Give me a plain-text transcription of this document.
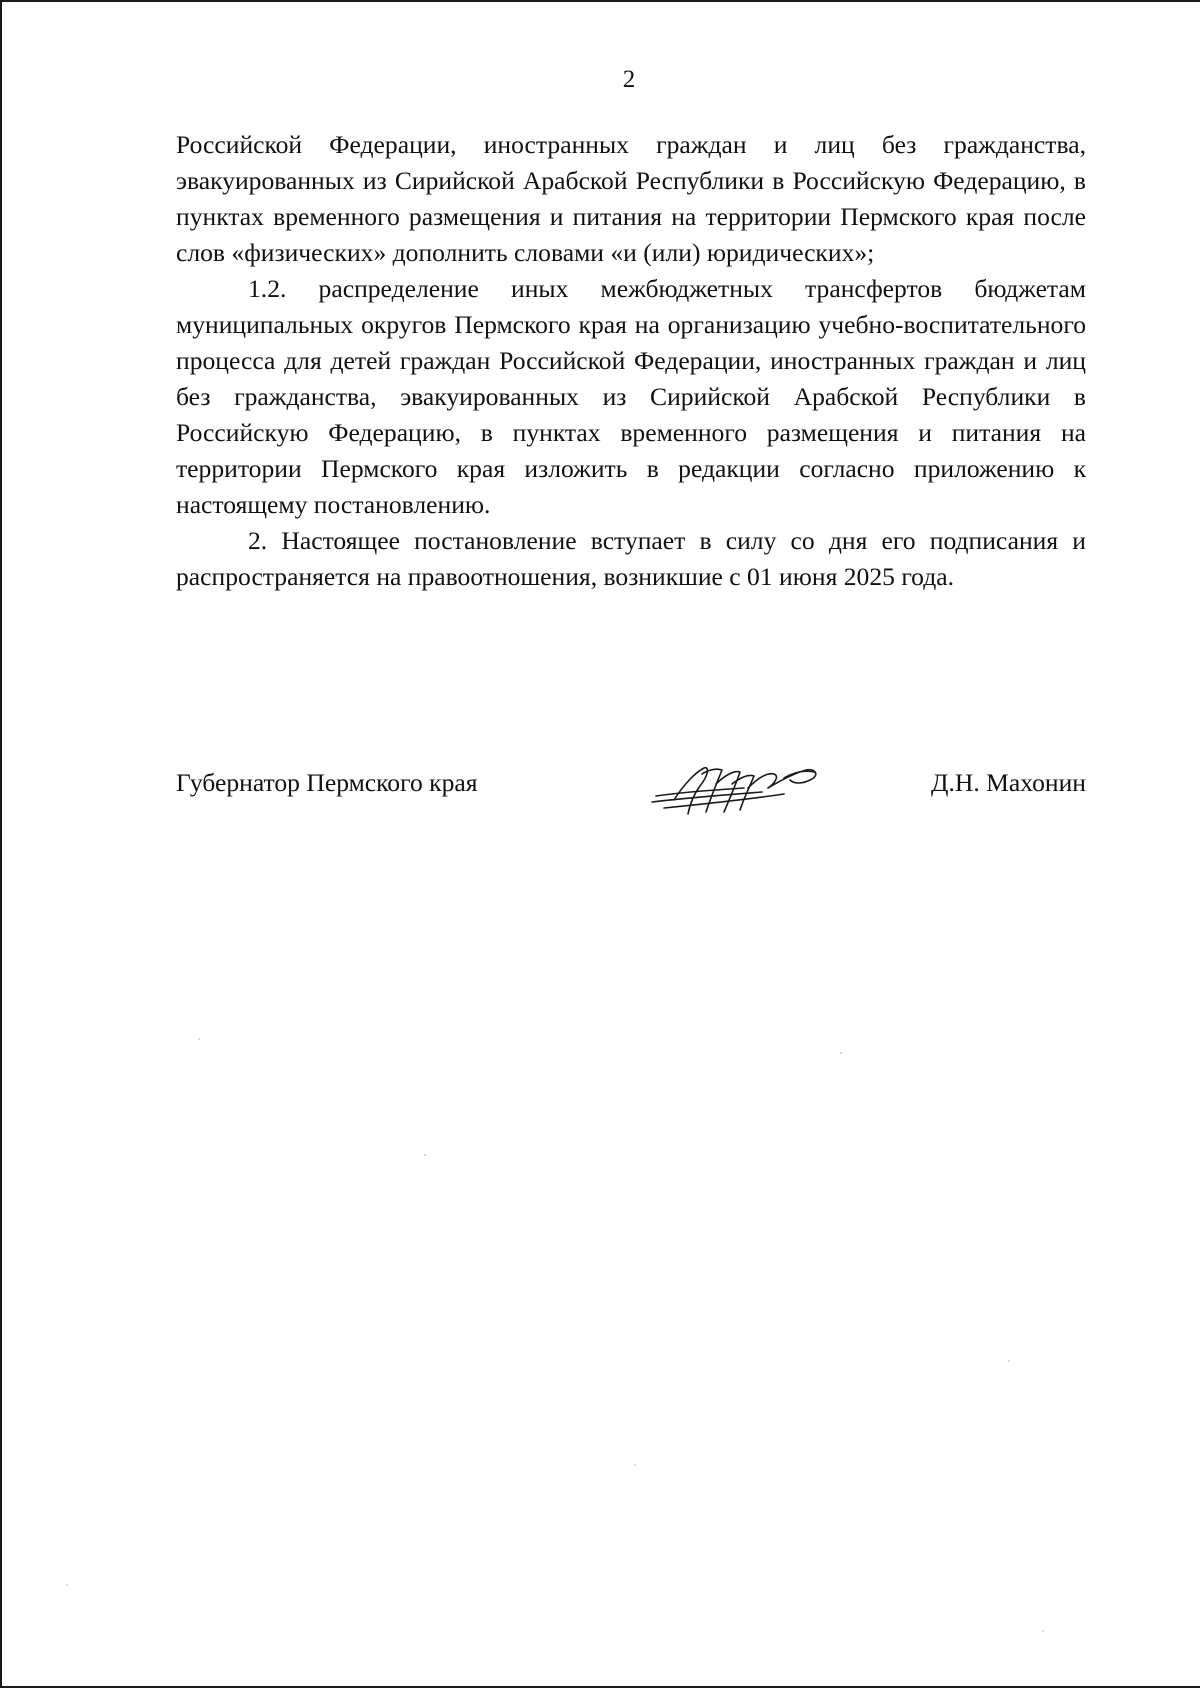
2

Российской Федерации, иностранных граждан и лиц без гражданства, эвакуированных из Сирийской Арабской Республики в Российскую Федерацию, в пунктах временного размещения и питания на территории Пермского края после слов «физических» дополнить словами «и (или) юридических»;

1.2. распределение иных межбюджетных трансфертов бюджетам муниципальных округов Пермского края на организацию учебно-воспитательного процесса для детей граждан Российской Федерации, иностранных граждан и лиц без гражданства, эвакуированных из Сирийской Арабской Республики в Российскую Федерацию, в пунктах временного размещения и питания на территории Пермского края изложить в редакции согласно приложению к настоящему постановлению.

2. Настоящее постановление вступает в силу со дня его подписания и распространяется на правоотношения, возникшие с 01 июня 2025 года.

Губернатор Пермского края	Д.Н. Махонин
